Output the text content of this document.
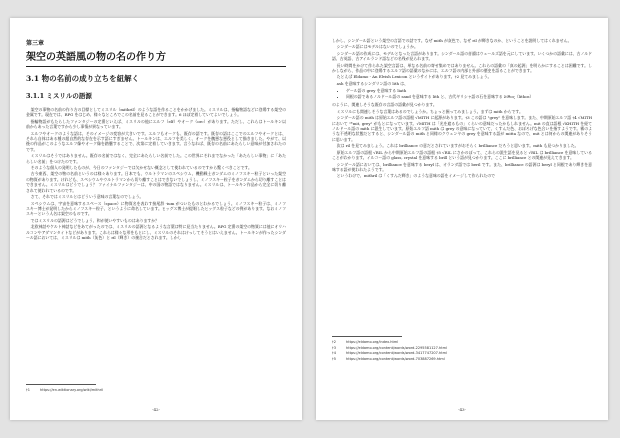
第三章
架空の英語風の物の名の作り方
3.1 物の名前の成り立ちを紐解く
3.1.1 ミスリルの語源

架空の事物の名前の作り方の目標としてミスリル（mithril）のような語を作ることをかかげました。ミスリルは、指輪物語などに登場する架空の金属です。現在では、RPG をはじめ、様々なところでこの名前を見ることができます。6 ほぼ定着していてよいでしょう。

指輪物語がもたらしたファンタジーの定番といえば、ミスリルの他にエルフ（elf）やオーク（orc）があります。ただし、これらはトールキン以前からあった言葉ですから少し事情が異なっています。

エルフやオークのような語は、そのイメージの変容が大きいです。エルフもオークも、既存の語です。既存の語はここでのエルフやオークとは、それら自体はある種の超自然的な存在を示す語にすぎません。トールキンは、エルフを美しく、オークを醜悪な悪役として描きました。やがて、以後の作品がこのようなエルフ像やオーク像を踏襲することで、次第に定着していきます。言うなれば、既存の名前にあたらしい意味が付加されたのです。

ミスリルはそうではありません。既存の名前ではなく、完全にあたらしい名前でした。この世界にそれまでなかった「あたらしい事物」に「あたらしい名前」をつけたのです。

そのような個人の発明したものが、今日のファンタジーでは欠かせない概念として使われているのですから驚くべきことです。

古今東西、架空の物の名前というのは様々あります。日本でも、ウルトラマンのスペシウム、機動戦士ガンダムのミノフスキー粒子といった架空の物質があります。けれども、スペシウムやウルトラマンから切り離すことはできないでしょうし、ミノフスキー粒子をガンダムから切り離すことはできません。ミスリルはどうでしょう？ ファイナルファンタジーは、中の国の物語ではなりません。ミスリルは、トールキン作品から完全に切り離されて使われているのです。

さて、それではミスリルとはどういう意味の言葉なのでしょう。

スペシウムは、宇宙を意味するスペース（space）に物質名を表わす接尾辞 -ium がついたものとわかるでしょう。ミノフスキー粒子は、ミノフスキー博士が発明したからミノフスキー粒子、というように命名しています。ヒッグス博士が提唱したヒッグス粒子などの例があります。なおミノフスキーという人名は架空のものです。

ではミスリルの語源はどうでしょう、和が使いやすいものはありますか？

北欧神話やケルト神話などをあてがったのでは、ミスリルの語源となるような言葉は特に見当たりません。RPG 定番の架空の物質には他にオリハルコンやアダマンタイトなどがあります。これらは様々な形をもとにし、ミスリルのそれはけっしてそうとはいえません。トールキンが作ったシンダール語においては、ミスリルは mith（灰色）と ril（輝き）の複合だとされます。しかし

†1	https://en.wiktionary.org/wiki/mithril
-42-

しかし、シンダール語という架空の言語での話です。なぜ mith が灰色で、なぜ ril が輝きなのか、ということを説明してはくれません。

シンダール語にはモデルはないのでしょうか。

シンダール語の作成には、モデルとなった言語があります。シンダール語の音韻はウェールズ語を元にしています。いくつかの語彙には、古ノルド語、古英語、古アイルランド語などの名残が見られます。

長い時間をかけて作られた架空言語は、単なる名前の寄せ集めではありません。これらの語彙の「真の起源」を明らかにすることは困難です。しかしながら、作品の中に登場するエルフ語の語彙のなかには、エルフ語の内部と外部の歴史を語ることができます。

たとえば Eldamo - An Elvish Lexicon というサイトがあります。†2 見てみましょう。

ash を意味するシンダリン語の lith は、

• ゲール語の grey を意味する liath
• 同根の語であるノルドール語の sand を意味する lith と、古代ギリシャ語の石を意味する λίθος（lithos）

のように、関連しそうな既存の言語の語彙が見つかります。

ミスリルにも関連しそうな言葉はあるのでしょうか。ちょっと掘ってみましょう。まずは mith からです。

シンダール語の mith は原始エルフ語の語根 √MITH に起源があります。†3 この語は "grey" を意味します。また、中期原始エルフ語 †4 √MITH において "*mit, grey" がもとになっています。√MITH は「光を遮るもの」くらいの意味だったかもしれません。mit の直は語根 √KHITH を経てノルドール語の mith に派生しています。原始エルフ語 mith は grey の意味になっていて、くすんだ色、おぼろげな色合いを指すようです。霧のような不透明な状態だとすると、シンダール語の mith と同様のクウェンヤの grey を意味する語が mitta なので、mit とは何からの関連がありそうに思います。

次は ril を見てみましょう。これは brilliance の意だとされていますがおそらく brilliance だろうと思います。mith も見つかりました。

原始エルフ語の語根 √RIL から中期原始エルフ語の語根 †5 √RIL にさかのぼって、これらの派生語を見ると √RIL は brilliance を意味していることがわかります。イルコー語の glass, crystal を意味する brill という語が見つかります。ここに brilliance との関連が見えてきます。

シンダール語においては、brilliance を意味する beryl は、オランダ語では beril です。また、brilliance の語源は beryl と同根であり輝きを意味する語が使われたようです。

というわけで、mithril は「くすんだ輝き」のような意味の語をイメージして作られたので

†2	https://eldamo.org/index.html
†3	https://eldamo.org/content/words/word-2295581127.html
†4	https://eldamo.org/content/words/word-3417747207.html
†5	https://eldamo.org/content/words/word-703887269.html
-43-
